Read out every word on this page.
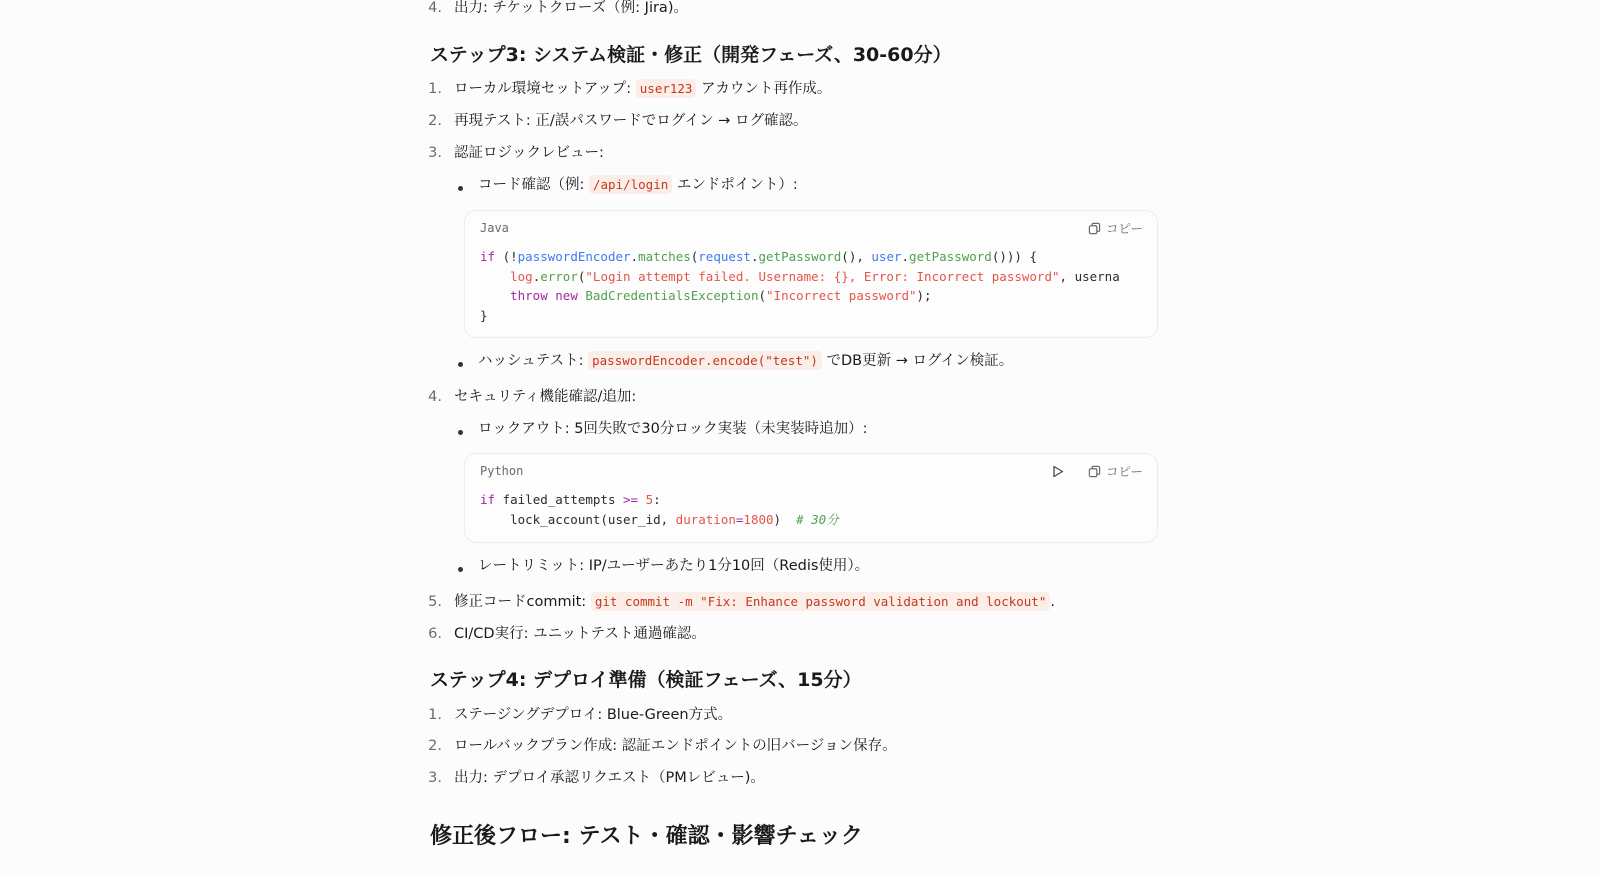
4. 出力: チケットクローズ（例: Jira)。
ステップ3: システム検証・修正（開発フェーズ、30-60分）
1. ローカル環境セットアップ: user123 アカウント再作成。
2. 再現テスト: 正/誤パスワードでログイン → ログ確認。
3. 認証ロジックレビュー:
コード確認（例: /api/login エンドポイント）:
Java	コピー
if (!passwordEncoder.matches(request.getPassword(), user.getPassword())) {
log.error("Login attempt failed. Username: {}, Error: Incorrect password", userna
throw new BadCredentialsException("Incorrect password");
}
ハッシュテスト: passwordEncoder.encode("test") でDB更新 → ログイン検証。
4. セキュリティ機能確認/追加:
ロックアウト: 5回失敗で30分ロック実装（未実装時追加）:
Python	コピー
if failed_attempts >= 5:
lock_account(user_id, duration=1800)  # 30分
レートリミット: IP/ユーザーあたり1分10回（Redis使用）。
5. 修正コードcommit: git commit -m "Fix: Enhance password validation and lockout" .
6. CI/CD実行: ユニットテスト通過確認。
ステップ4: デプロイ準備（検証フェーズ、15分）
1. ステージングデプロイ: Blue-Green方式。
2. ロールバックプラン作成: 認証エンドポイントの旧バージョン保存。
3. 出力: デプロイ承認リクエスト（PMレビュー)。
修正後フロー: テスト・確認・影響チェック
